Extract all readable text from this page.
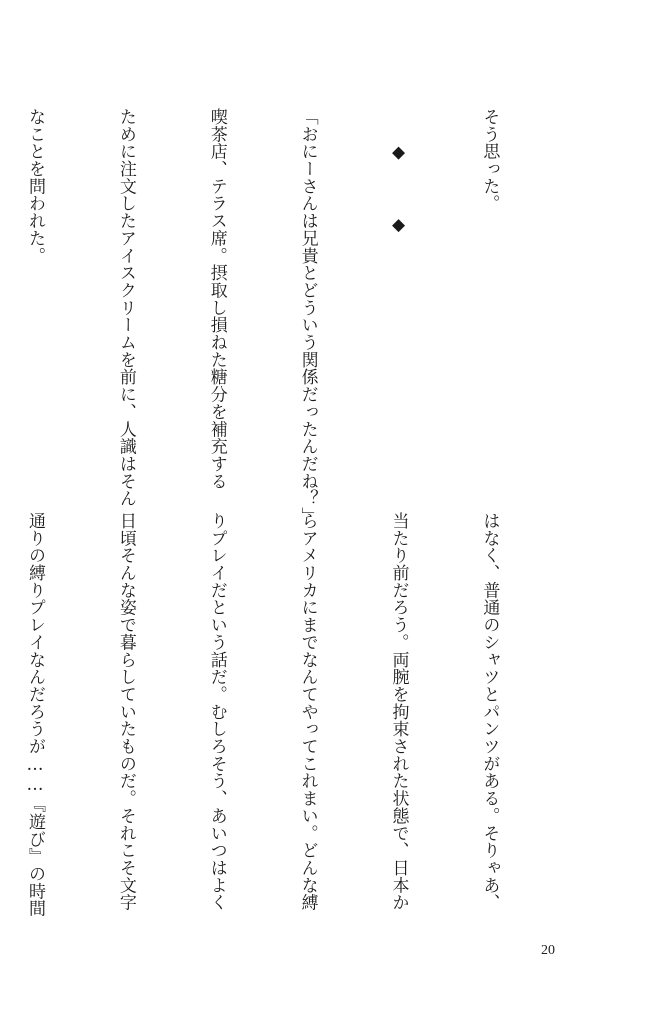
そう思った。

　　◆　　　◆

「おにーさんは兄貴とどういう関係だったんだね？」

喫茶店、テラス席。摂取し損ねた糖分を補充する

ために注文したアイスクリームを前に、人識はそん

なことを問われた。

はなく、普通のシャツとパンツがある。そりゃあ、

当たり前だろう。両腕を拘束された状態で、日本か

らアメリカにまでなんてやってこれまい。どんな縛

りプレイだという話だ。むしろそう、あいつはよく

日頃そんな姿で暮らしていたものだ。それこそ文字

通りの縛りプレイなんだろうが……『遊び』の時間

20
